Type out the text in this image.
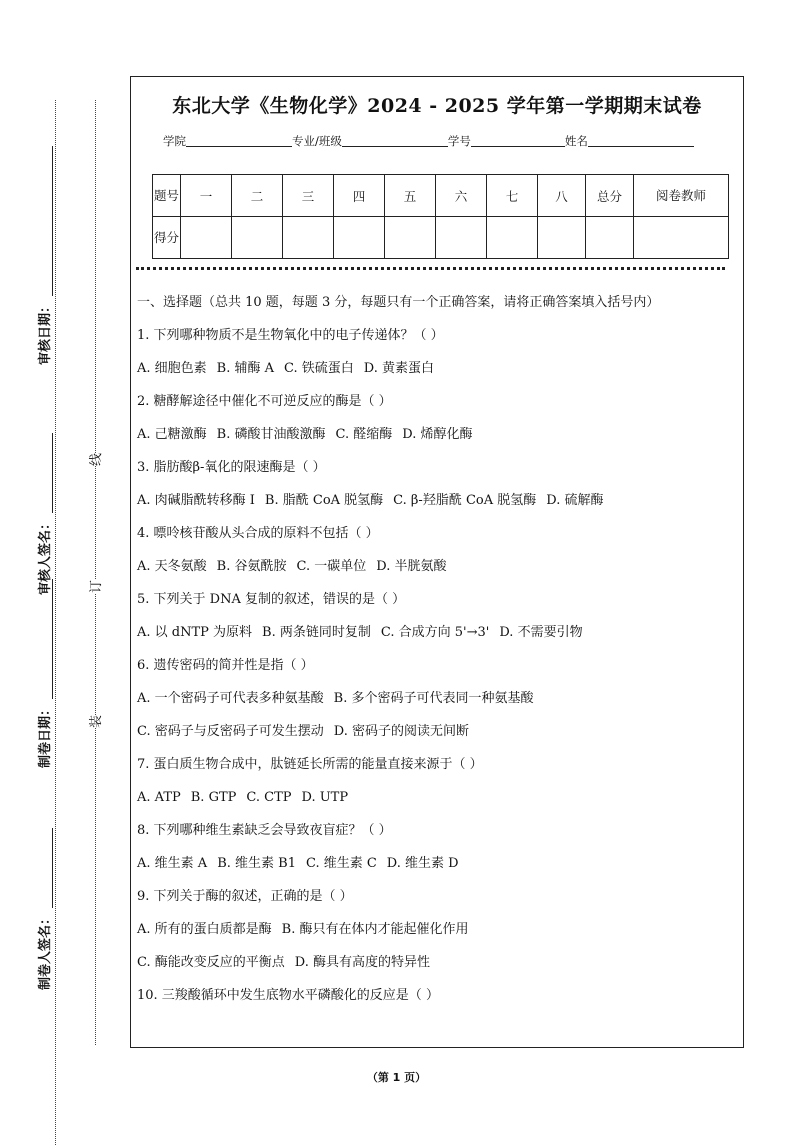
审核日期：
审核人签名：
制卷日期：
制卷人签名：
线
订
装
东北大学《生物化学》2024 - 2025 学年第一学期期末试卷
学院	专业/班级	学号	姓名
题号	一	二	三	四	五	六	七	八	总分	阅卷教师
得分										
一、选择题（总共 10 题，每题 3 分，每题只有一个正确答案，请将正确答案填入括号内）
1. 下列哪种物质不是生物氧化中的电子传递体？（ ）
A. 细胞色素 B. 辅酶 A C. 铁硫蛋白 D. 黄素蛋白
2. 糖酵解途径中催化不可逆反应的酶是（ ）
A. 己糖激酶 B. 磷酸甘油酸激酶 C. 醛缩酶 D. 烯醇化酶
3. 脂肪酸β-氧化的限速酶是（ ）
A. 肉碱脂酰转移酶 I B. 脂酰 CoA 脱氢酶 C. β-羟脂酰 CoA 脱氢酶 D. 硫解酶
4. 嘌呤核苷酸从头合成的原料不包括（ ）
A. 天冬氨酸 B. 谷氨酰胺 C. 一碳单位 D. 半胱氨酸
5. 下列关于 DNA 复制的叙述，错误的是（ ）
A. 以 dNTP 为原料 B. 两条链同时复制 C. 合成方向 5'→3' D. 不需要引物
6. 遗传密码的简并性是指（ ）
A. 一个密码子可代表多种氨基酸 B. 多个密码子可代表同一种氨基酸
C. 密码子与反密码子可发生摆动 D. 密码子的阅读无间断
7. 蛋白质生物合成中，肽链延长所需的能量直接来源于（ ）
A. ATP B. GTP C. CTP D. UTP
8. 下列哪种维生素缺乏会导致夜盲症？（ ）
A. 维生素 A B. 维生素 B1 C. 维生素 C D. 维生素 D
9. 下列关于酶的叙述，正确的是（ ）
A. 所有的蛋白质都是酶 B. 酶只有在体内才能起催化作用
C. 酶能改变反应的平衡点 D. 酶具有高度的特异性
10. 三羧酸循环中发生底物水平磷酸化的反应是（ ）
（第 1 页）
